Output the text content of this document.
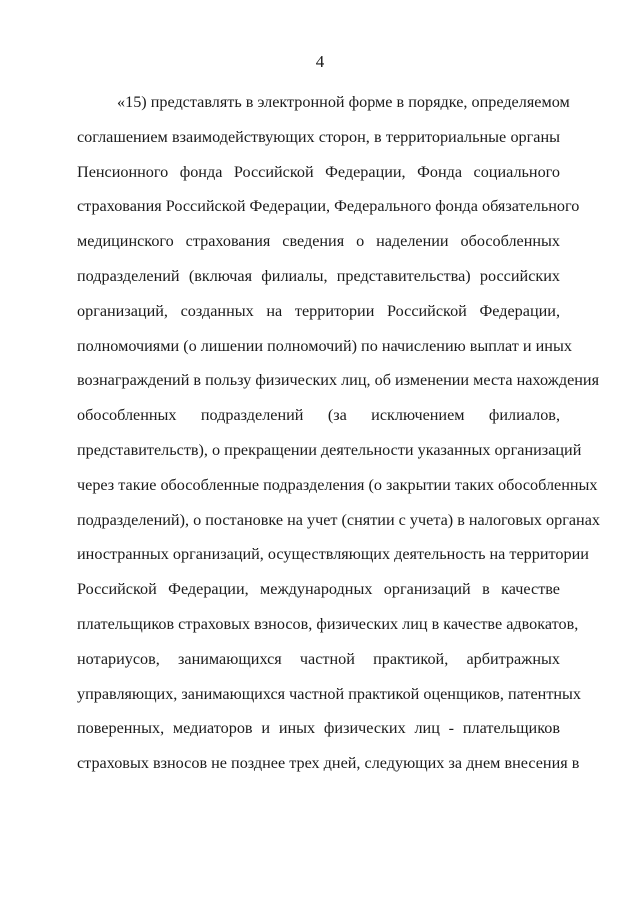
4
«15) представлять в электронной форме в порядке, определяемом
соглашением взаимодействующих сторон, в территориальные органы
Пенсионного фонда Российской Федерации, Фонда социального
страхования Российской Федерации, Федерального фонда обязательного
медицинского страхования сведения о наделении обособленных
подразделений (включая филиалы, представительства) российских
организаций, созданных на территории Российской Федерации,
полномочиями (о лишении полномочий) по начислению выплат и иных
вознаграждений в пользу физических лиц, об изменении места нахождения
обособленных подразделений (за исключением филиалов,
представительств), о прекращении деятельности указанных организаций
через такие обособленные подразделения (о закрытии таких обособленных
подразделений), о постановке на учет (снятии с учета) в налоговых органах
иностранных организаций, осуществляющих деятельность на территории
Российской Федерации, международных организаций в качестве
плательщиков страховых взносов, физических лиц в качестве адвокатов,
нотариусов, занимающихся частной практикой, арбитражных
управляющих, занимающихся частной практикой оценщиков, патентных
поверенных, медиаторов и иных физических лиц - плательщиков
страховых взносов не позднее трех дней, следующих за днем внесения в
